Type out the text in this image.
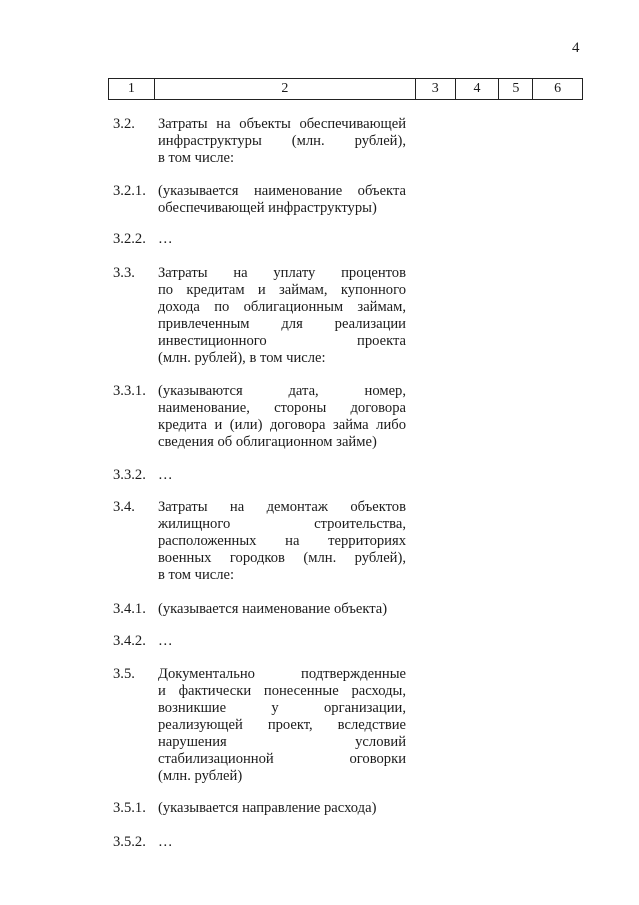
4
1	2	3	4	5	6
3.2. Затраты на объекты обеспечивающей
инфраструктуры (млн. рублей),
в том числе:
3.2.1. (указывается наименование объекта
обеспечивающей инфраструктуры)
3.2.2. …
3.3. Затраты на уплату процентов
по кредитам и займам, купонного
дохода по облигационным займам,
привлеченным для реализации
инвестиционного проекта
(млн. рублей), в том числе:
3.3.1. (указываются дата, номер,
наименование, стороны договора
кредита и (или) договора займа либо
сведения об облигационном займе)
3.3.2. …
3.4. Затраты на демонтаж объектов
жилищного строительства,
расположенных на территориях
военных городков (млн. рублей),
в том числе:
3.4.1. (указывается наименование объекта)
3.4.2. …
3.5. Документально подтвержденные
и фактически понесенные расходы,
возникшие у организации,
реализующей проект, вследствие
нарушения условий
стабилизационной оговорки
(млн. рублей)
3.5.1. (указывается направление расхода)
3.5.2. …
